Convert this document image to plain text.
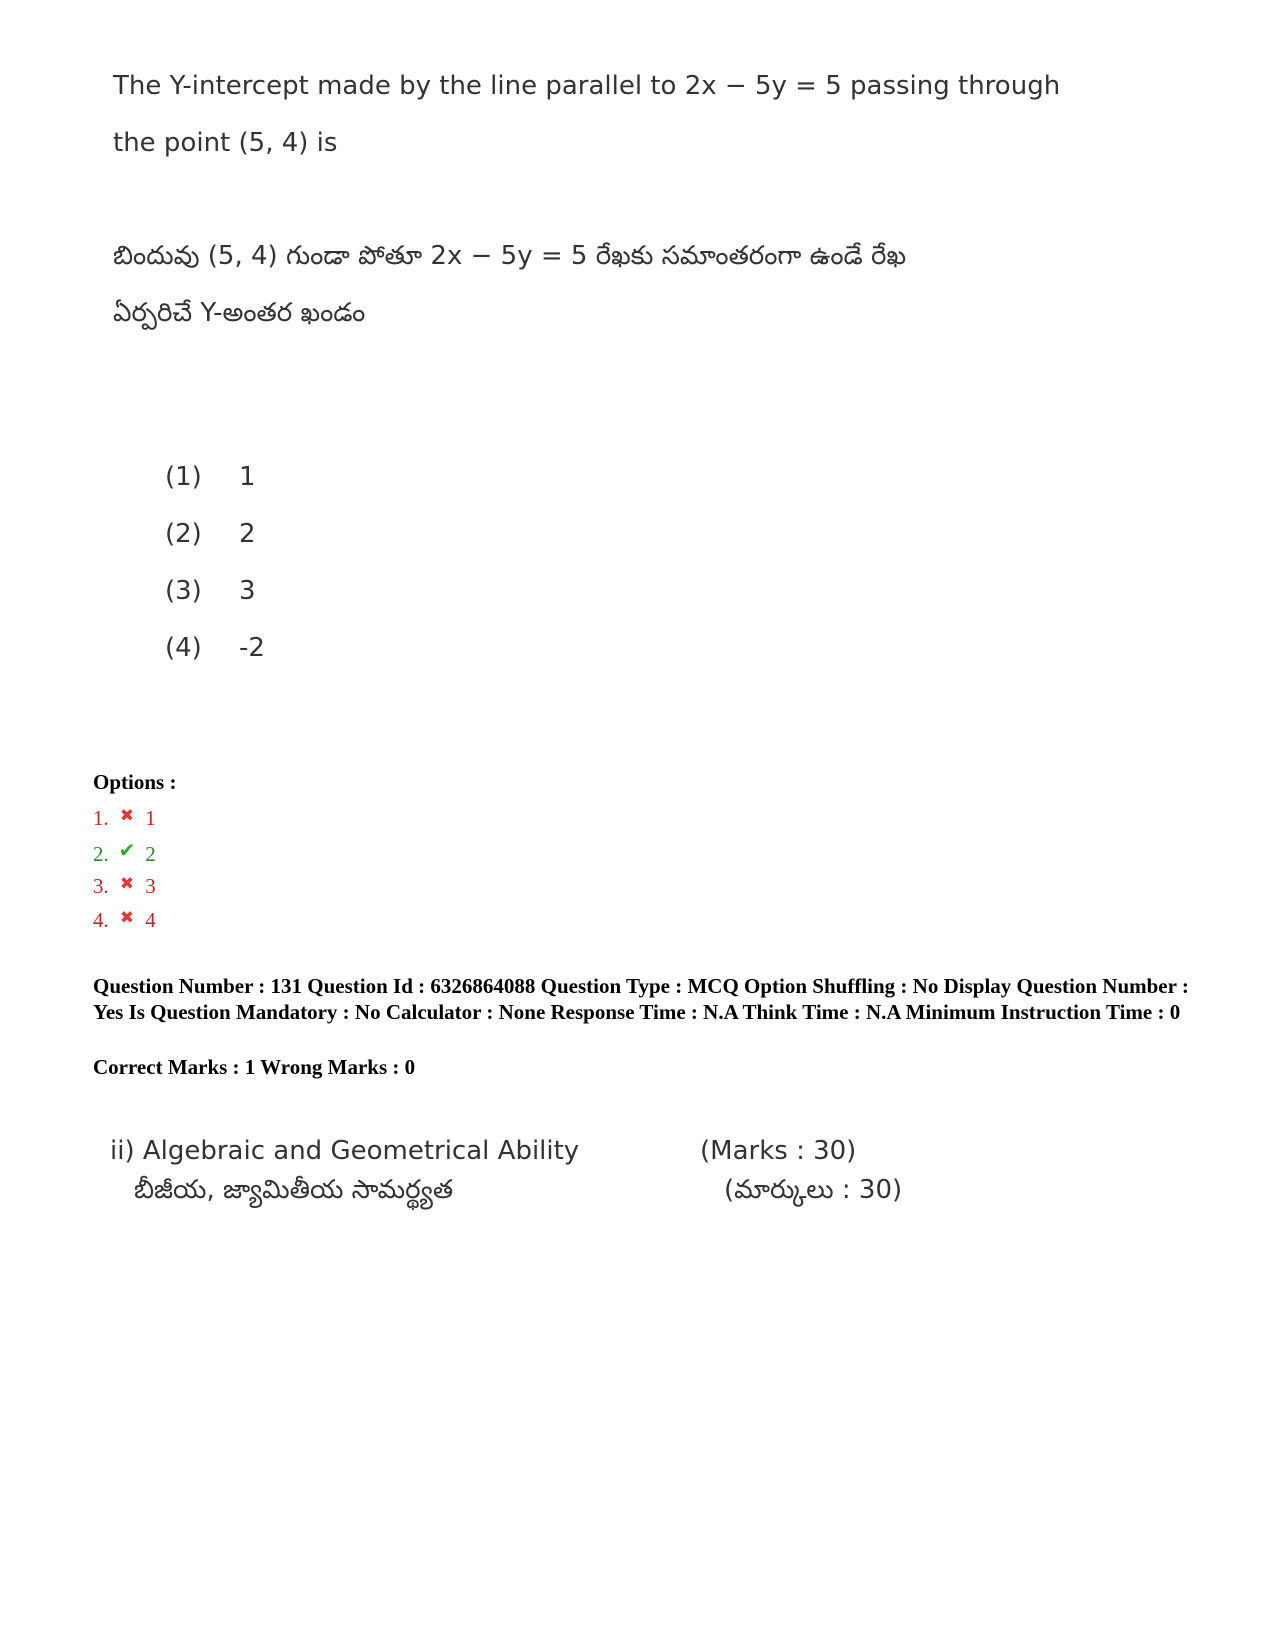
The Y-intercept made by the line parallel to 2x − 5y = 5 passing through
the point (5, 4) is
బిందువు (5, 4) గుండా పోతూ 2x − 5y = 5 రేఖకు సమాంతరంగా ఉండే రేఖ
ఏర్పరిచే Y-అంతర ఖండం
(1) 1
(2) 2
(3) 3
(4) -2
Options :
1. ✖ 1
2. ✔ 2
3. ✖ 3
4. ✖ 4
Question Number : 131 Question Id : 6326864088 Question Type : MCQ Option Shuffling : No Display Question Number : Yes Is Question Mandatory : No Calculator : None Response Time : N.A Think Time : N.A Minimum Instruction Time : 0
Correct Marks : 1 Wrong Marks : 0
ii) Algebraic and Geometrical Ability	(Marks : 30)
బీజీయ, జ్యామితీయ సామర్థ్యత	(మార్కులు : 30)
